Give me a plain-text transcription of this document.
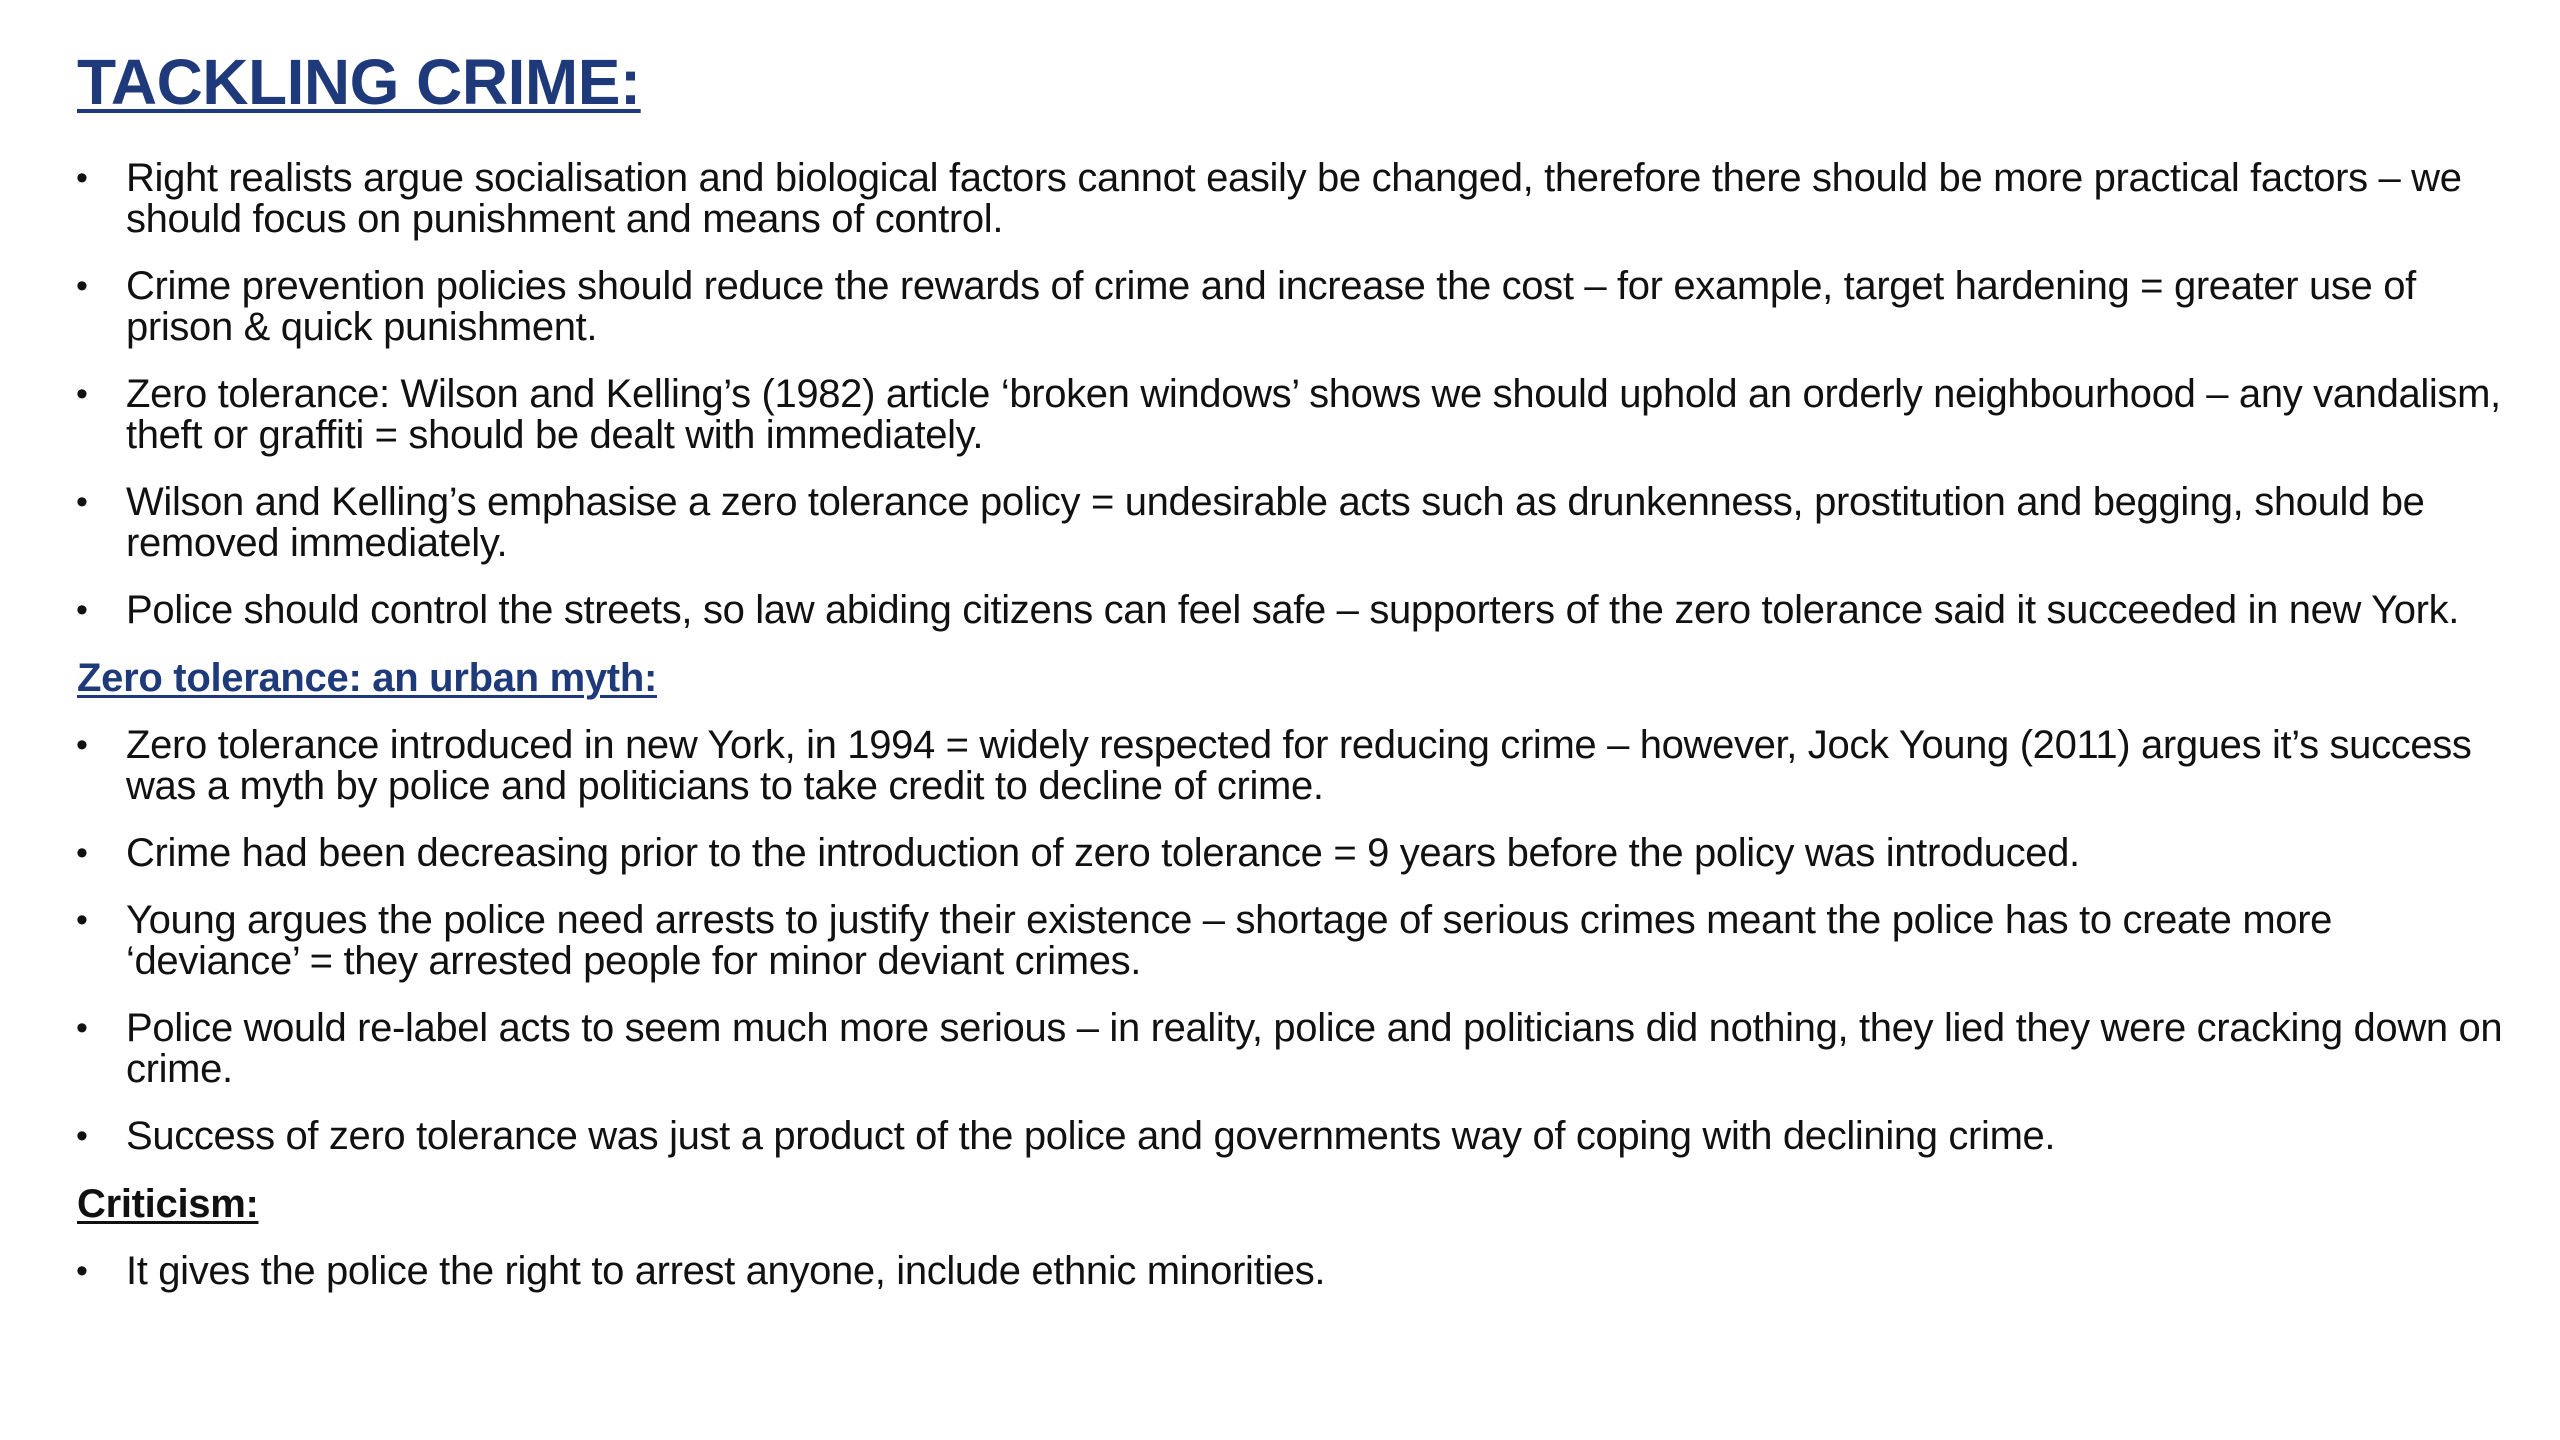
TACKLING CRIME:
• Right realists argue socialisation and biological factors cannot easily be changed, therefore there should be more practical factors – we should focus on punishment and means of control.
• Crime prevention policies should reduce the rewards of crime and increase the cost – for example, target hardening = greater use of prison & quick punishment.
• Zero tolerance: Wilson and Kelling’s (1982) article ‘broken windows’ shows we should uphold an orderly neighbourhood – any vandalism, theft or graffiti = should be dealt with immediately.
• Wilson and Kelling’s emphasise a zero tolerance policy = undesirable acts such as drunkenness, prostitution and begging, should be removed immediately.
• Police should control the streets, so law abiding citizens can feel safe – supporters of the zero tolerance said it succeeded in new York.
Zero tolerance: an urban myth:
• Zero tolerance introduced in new York, in 1994 = widely respected for reducing crime – however, Jock Young (2011) argues it’s success was a myth by police and politicians to take credit to decline of crime.
• Crime had been decreasing prior to the introduction of zero tolerance = 9 years before the policy was introduced.
• Young argues the police need arrests to justify their existence – shortage of serious crimes meant the police has to create more ‘deviance’ = they arrested people for minor deviant crimes.
• Police would re-label acts to seem much more serious – in reality, police and politicians did nothing, they lied they were cracking down on crime.
• Success of zero tolerance was just a product of the police and governments way of coping with declining crime.
Criticism:
• It gives the police the right to arrest anyone, include ethnic minorities.
